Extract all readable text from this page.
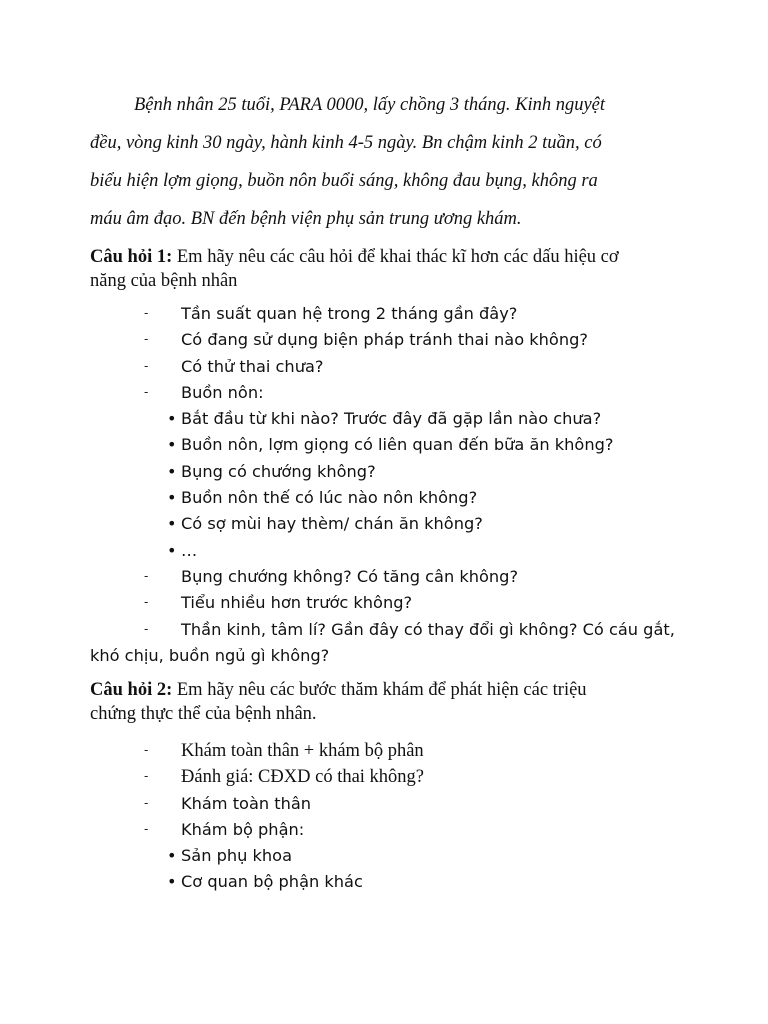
Bệnh nhân 25 tuổi, PARA 0000, lấy chồng 3 tháng. Kinh nguyệt
đều, vòng kinh 30 ngày, hành kinh 4-5 ngày. Bn chậm kinh 2 tuần, có
biểu hiện lợm giọng, buồn nôn buổi sáng, không đau bụng, không ra
máu âm đạo. BN đến bệnh viện phụ sản trung ương khám.

Câu hỏi 1: Em hãy nêu các câu hỏi để khai thác kĩ hơn các dấu hiệu cơ
năng của bệnh nhân

- Tần suất quan hệ trong 2 tháng gần đây?
- Có đang sử dụng biện pháp tránh thai nào không?
- Có thử thai chưa?
- Buồn nôn:
• Bắt đầu từ khi nào? Trước đây đã gặp lần nào chưa?
• Buồn nôn, lợm giọng có liên quan đến bữa ăn không?
• Bụng có chướng không?
• Buồn nôn thế có lúc nào nôn không?
• Có sợ mùi hay thèm/ chán ăn không?
• …
- Bụng chướng không? Có tăng cân không?
- Tiểu nhiều hơn trước không?
- Thần kinh, tâm lí? Gần đây có thay đổi gì không? Có cáu gắt,
khó chịu, buồn ngủ gì không?

Câu hỏi 2: Em hãy nêu các bước thăm khám để phát hiện các triệu
chứng thực thể của bệnh nhân.

- Khám toàn thân + khám bộ phân
- Đánh giá: CĐXD có thai không?
- Khám toàn thân
- Khám bộ phận:
• Sản phụ khoa
• Cơ quan bộ phận khác
